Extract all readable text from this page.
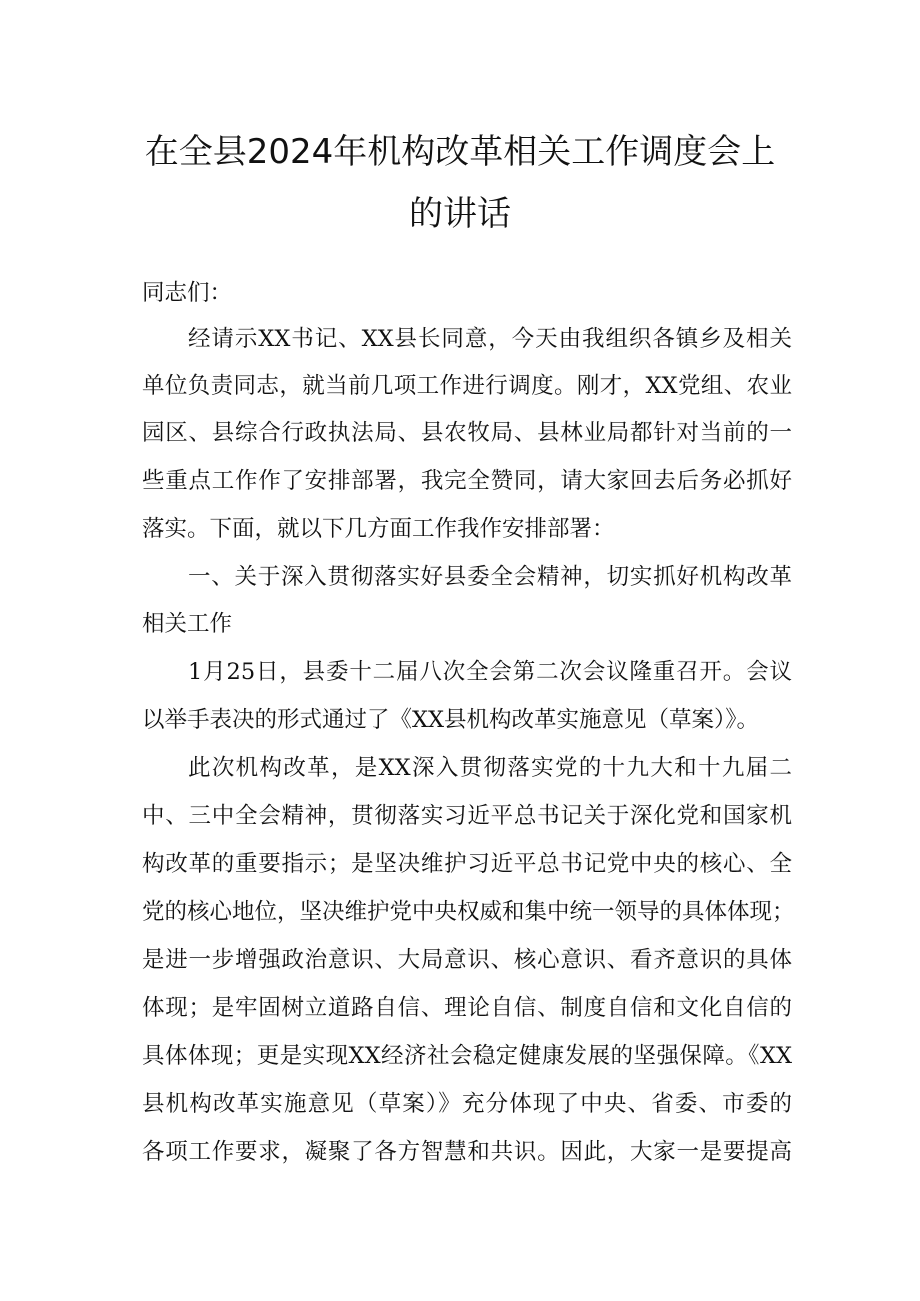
在全县2024年机构改革相关工作调度会上
的讲话
同志们：
经请示XX书记、XX县长同意，今天由我组织各镇乡及相关
单位负责同志，就当前几项工作进行调度。刚才，XX党组、农业
园区、县综合行政执法局、县农牧局、县林业局都针对当前的一
些重点工作作了安排部署，我完全赞同，请大家回去后务必抓好
落实。下面，就以下几方面工作我作安排部署：
一、关于深入贯彻落实好县委全会精神，切实抓好机构改革
相关工作
1月25日，县委十二届八次全会第二次会议隆重召开。会议
以举手表决的形式通过了《XX县机构改革实施意见（草案）》。
此次机构改革，是XX深入贯彻落实党的十九大和十九届二
中、三中全会精神，贯彻落实习近平总书记关于深化党和国家机
构改革的重要指示；是坚决维护习近平总书记党中央的核心、全
党的核心地位，坚决维护党中央权威和集中统一领导的具体体现；
是进一步增强政治意识、大局意识、核心意识、看齐意识的具体
体现；是牢固树立道路自信、理论自信、制度自信和文化自信的
具体体现；更是实现XX经济社会稳定健康发展的坚强保障。《XX
县机构改革实施意见（草案）》充分体现了中央、省委、市委的
各项工作要求，凝聚了各方智慧和共识。因此，大家一是要提高
